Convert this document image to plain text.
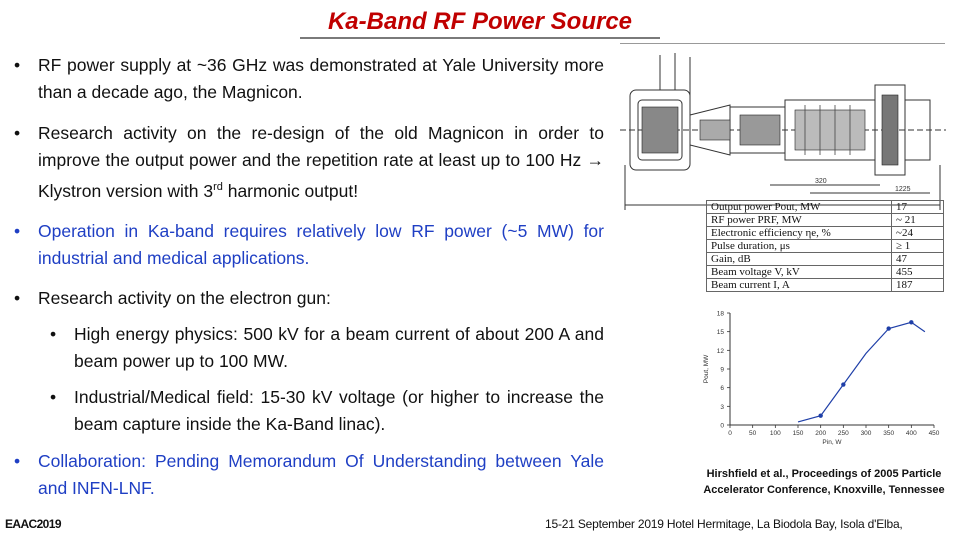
Ka-Band RF Power Source
• RF power supply at ~36 GHz was demonstrated at Yale University more than a decade ago, the Magnicon.
• Research activity on the re-design of the old Magnicon in order to improve the output power and the repetition rate at least up to 100 Hz → Klystron version with 3rd harmonic output!
• Operation in Ka-band requires relatively low RF power (~5 MW) for industrial and medical applications.
• Research activity on the electron gun:
• High energy physics: 500 kV for a beam current of about 200 A and beam power up to 100 MW.
• Industrial/Medical field: 15-30 kV voltage (or higher to increase the beam capture inside the Ka-Band linac).
• Collaboration: Pending Memorandum Of Understanding between Yale and INFN-LNF.
320
1225
Output power Pout, MW	17
RF power PRF, MW	~ 21
Electronic efficiency ηe, %	~24
Pulse duration, μs	≥ 1
Gain, dB	47
Beam voltage V, kV	455
Beam current I, A	187
0
3
6
9
12
15
18
0	50 100 150 200 250 300 350 400 450
Pin, W
Pout, MW
Hirshfield et al., Proceedings of 2005 Particle
Accelerator Conference, Knoxville, Tennessee
EAAC2019	15-21 September 2019 Hotel Hermitage, La Biodola Bay, Isola d'Elba,
